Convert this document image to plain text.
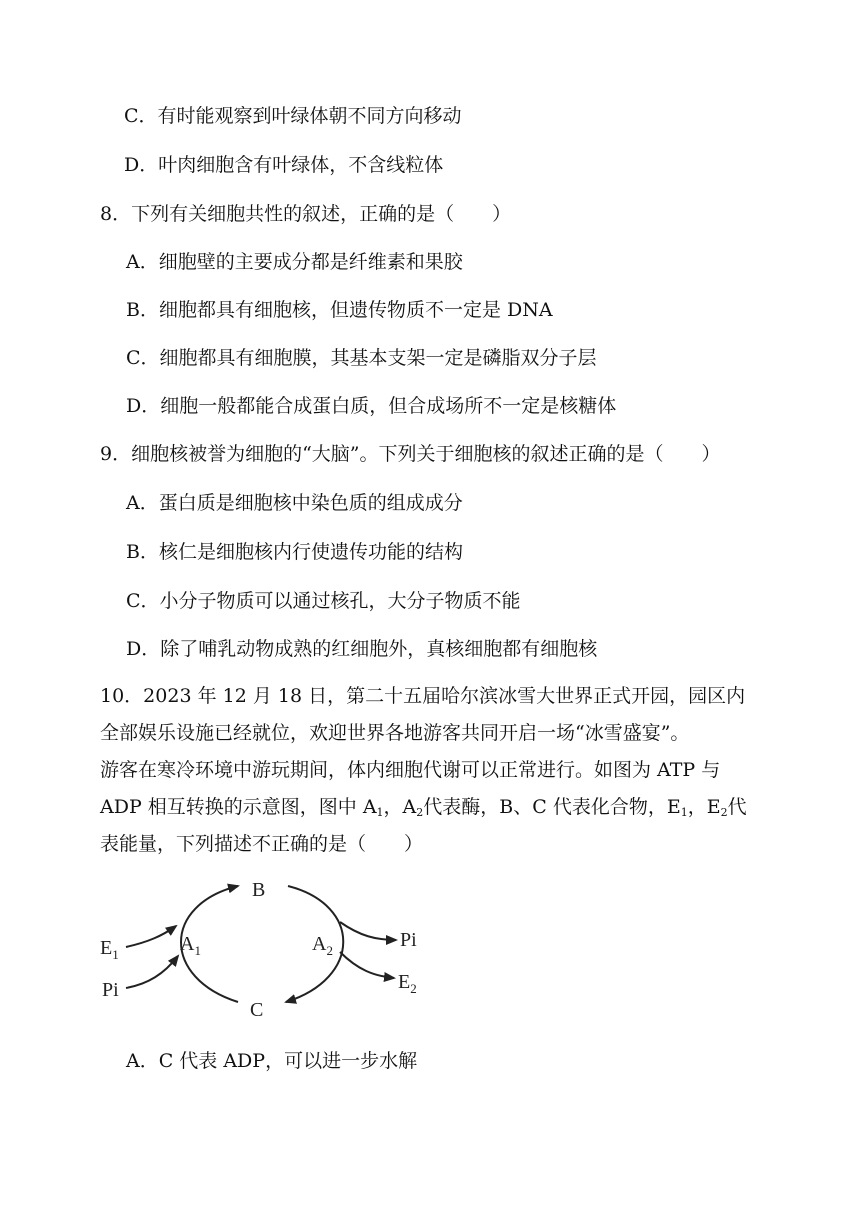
C．有时能观察到叶绿体朝不同方向移动
D．叶肉细胞含有叶绿体，不含线粒体
8．下列有关细胞共性的叙述，正确的是（　　）
A．细胞壁的主要成分都是纤维素和果胶
B．细胞都具有细胞核，但遗传物质不一定是 DNA
C．细胞都具有细胞膜，其基本支架一定是磷脂双分子层
D．细胞一般都能合成蛋白质，但合成场所不一定是核糖体
9．细胞核被誉为细胞的“大脑”。下列关于细胞核的叙述正确的是（　　）
A．蛋白质是细胞核中染色质的组成成分
B．核仁是细胞核内行使遗传功能的结构
C．小分子物质可以通过核孔，大分子物质不能
D．除了哺乳动物成熟的红细胞外，真核细胞都有细胞核
10．2023 年 12 月 18 日，第二十五届哈尔滨冰雪大世界正式开园，园区内
全部娱乐设施已经就位，欢迎世界各地游客共同开启一场“冰雪盛宴”。
游客在寒冷环境中游玩期间，体内细胞代谢可以正常进行。如图为 ATP 与
ADP 相互转换的示意图，图中 $A_1$，$A_2$代表酶，B、C 代表化合物，$E_1$，$E_2$代
表能量，下列描述不正确的是（　　）
B
C
$E_1$
Pi
$A_1$	$A_2$	Pi
$E_2$
A．C 代表 ADP，可以进一步水解
